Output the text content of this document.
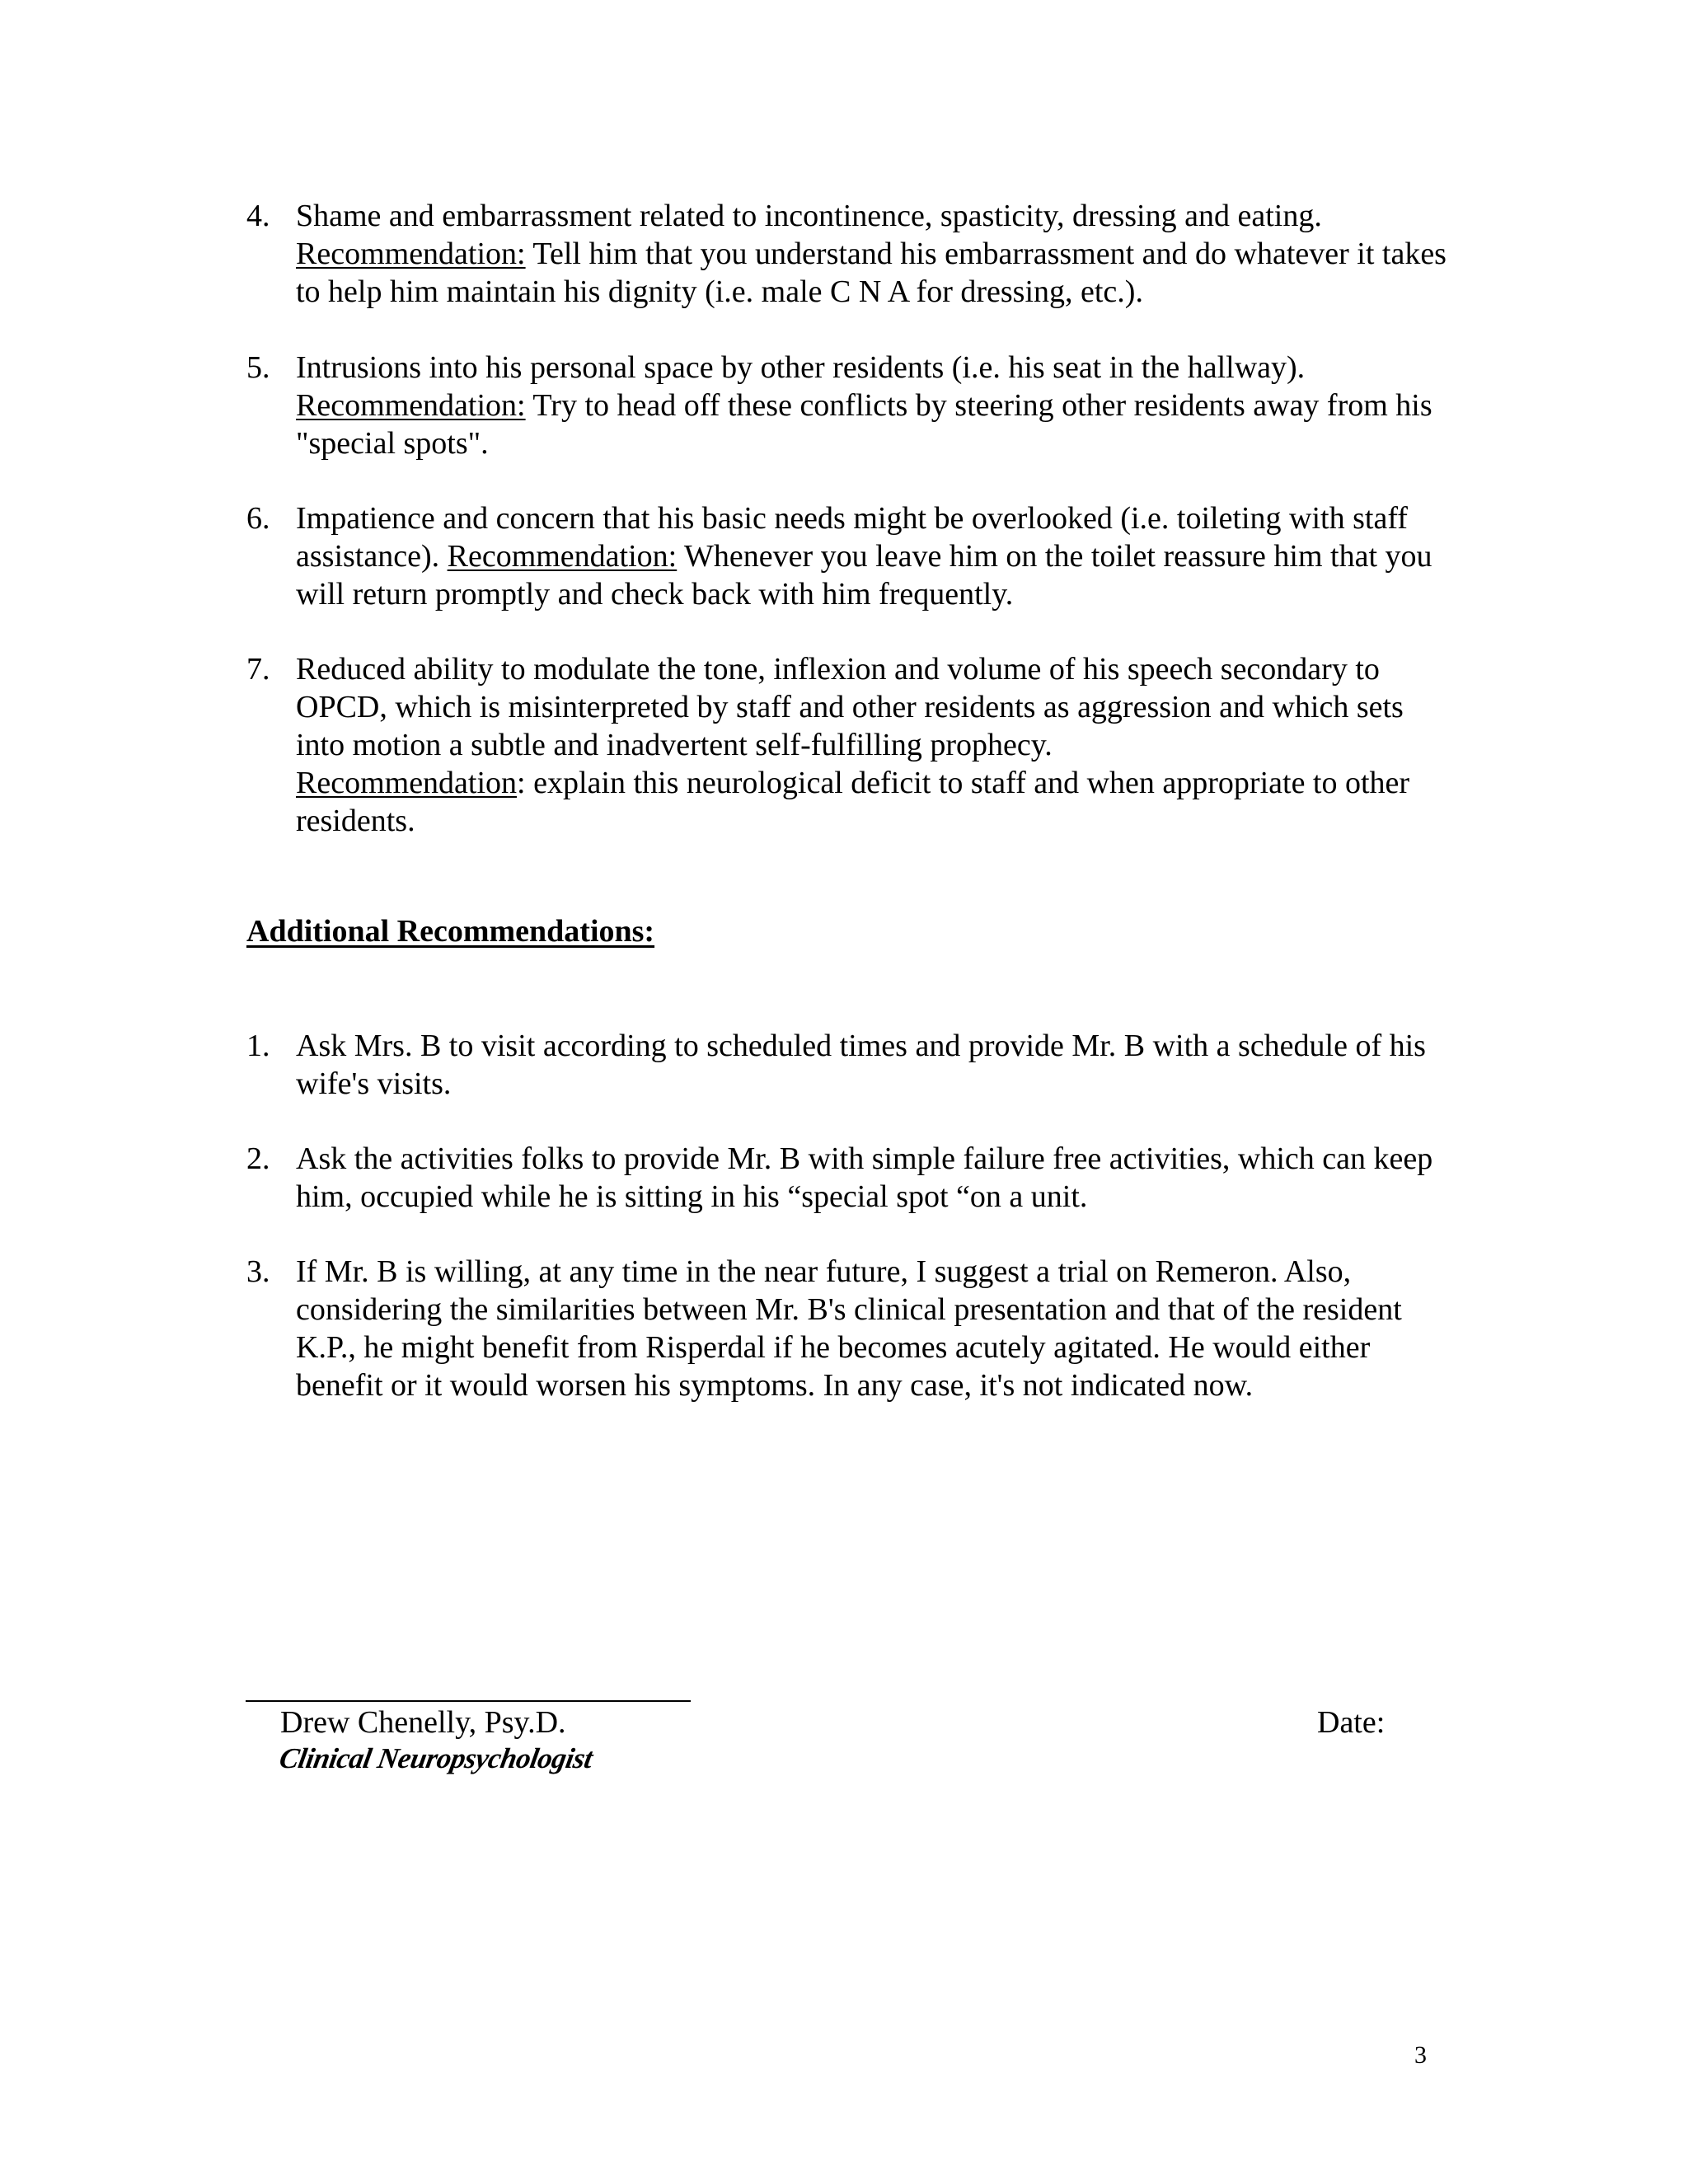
4. Shame and embarrassment related to incontinence, spasticity, dressing and eating.
Recommendation: Tell him that you understand his embarrassment and do whatever it takes to help him maintain his dignity (i.e. male C N A for dressing, etc.).
5. Intrusions into his personal space by other residents (i.e. his seat in the hallway).
Recommendation: Try to head off these conflicts by steering other residents away from his "special spots".
6. Impatience and concern that his basic needs might be overlooked (i.e. toileting with staff assistance). Recommendation: Whenever you leave him on the toilet reassure him that you will return promptly and check back with him frequently.
7. Reduced ability to modulate the tone, inflexion and volume of his speech secondary to OPCD, which is misinterpreted by staff and other residents as aggression and which sets into motion a subtle and inadvertent self-fulfilling prophecy.
Recommendation: explain this neurological deficit to staff and when appropriate to other residents.
Additional Recommendations:
1. Ask Mrs. B to visit according to scheduled times and provide Mr. B with a schedule of his wife's visits.
2. Ask the activities folks to provide Mr. B with simple failure free activities, which can keep him, occupied while he is sitting in his “special spot “on a unit.
3. If Mr. B is willing, at any time in the near future, I suggest a trial on Remeron. Also, considering the similarities between Mr. B's clinical presentation and that of the resident K.P., he might benefit from Risperdal if he becomes acutely agitated. He would either benefit or it would worsen his symptoms. In any case, it's not indicated now.
Drew Chenelly, Psy.D.
Clinical Neuropsychologist
Date:
3
